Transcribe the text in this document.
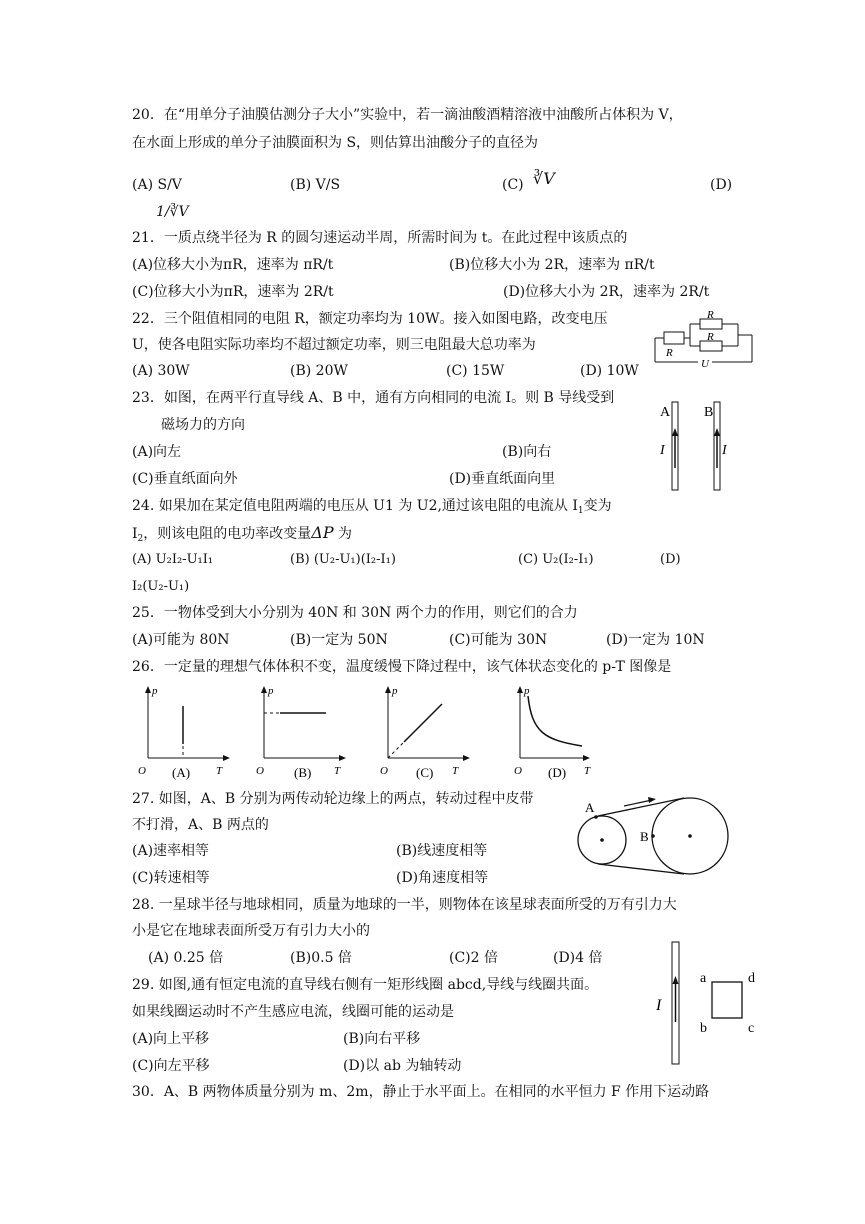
20．在“用单分子油膜估测分子大小”实验中，若一滴油酸酒精溶液中油酸所占体积为 V，
在水面上形成的单分子油膜面积为 S，则估算出油酸分子的直径为
(A) S/V	(B) V/S	(C) ∛V	(D)
1/∛V
21．一质点绕半径为 R 的圆匀速运动半周，所需时间为 t。在此过程中该质点的
(A)位移大小为πR，速率为 πR/t	(B)位移大小为 2R，速率为 πR/t
(C)位移大小为πR，速率为 2R/t	(D)位移大小为 2R，速率为 2R/t
22．三个阻值相同的电阻 R，额定功率均为 10W。接入如图电路，改变电压
U，使各电阻实际功率均不超过额定功率，则三电阻最大总功率为
(A) 30W	(B) 20W	(C) 15W	(D) 10W
R
R
R
U
23．如图，在两平行直导线 A、B 中，通有方向相同的电流 I。则 B 导线受到
磁场力的方向
(A)向左	(B)向右
(C)垂直纸面向外	(D)垂直纸面向里
A B
I	I
24. 如果加在某定值电阻两端的电压从 U1 为 U2,通过该电阻的电流从 $I_1$变为
$I_2$，则该电阻的电功率改变量ΔP 为
(A) U₂I₂-U₁I₁	(B) (U₂-U₁)(I₂-I₁)	(C) U₂(I₂-I₁)	(D)
I₂(U₂-U₁)
25．一物体受到大小分别为 40N 和 30N 两个力的作用，则它们的合力
(A)可能为 80N	(B)一定为 50N	(C)可能为 30N	(D)一定为 10N
26．一定量的理想气体体积不变，温度缓慢下降过程中，该气体状态变化的 p-T 图像是
p
T
O (A)
p
T
O (B)
p
T
O (C)
p
T
O (D)
27. 如图，A、B 分别为两传动轮边缘上的两点，转动过程中皮带
不打滑，A、B 两点的
(A)速率相等	(B)线速度相等
(C)转速相等	(D)角速度相等
A
B
28. 一星球半径与地球相同，质量为地球的一半，则物体在该星球表面所受的万有引力大
小是它在地球表面所受万有引力大小的
(A) 0.25 倍	(B)0.5 倍	(C)2 倍	(D)4 倍
29. 如图,通有恒定电流的直导线右侧有一矩形线圈 abcd,导线与线圈共面。
如果线圈运动时不产生感应电流，线圈可能的运动是
(A)向上平移	(B)向右平移
(C)向左平移	(D)以 ab 为轴转动
I
a	d
b	c
30．A、B 两物体质量分别为 m、2m，静止于水平面上。在相同的水平恒力 F 作用下运动路
